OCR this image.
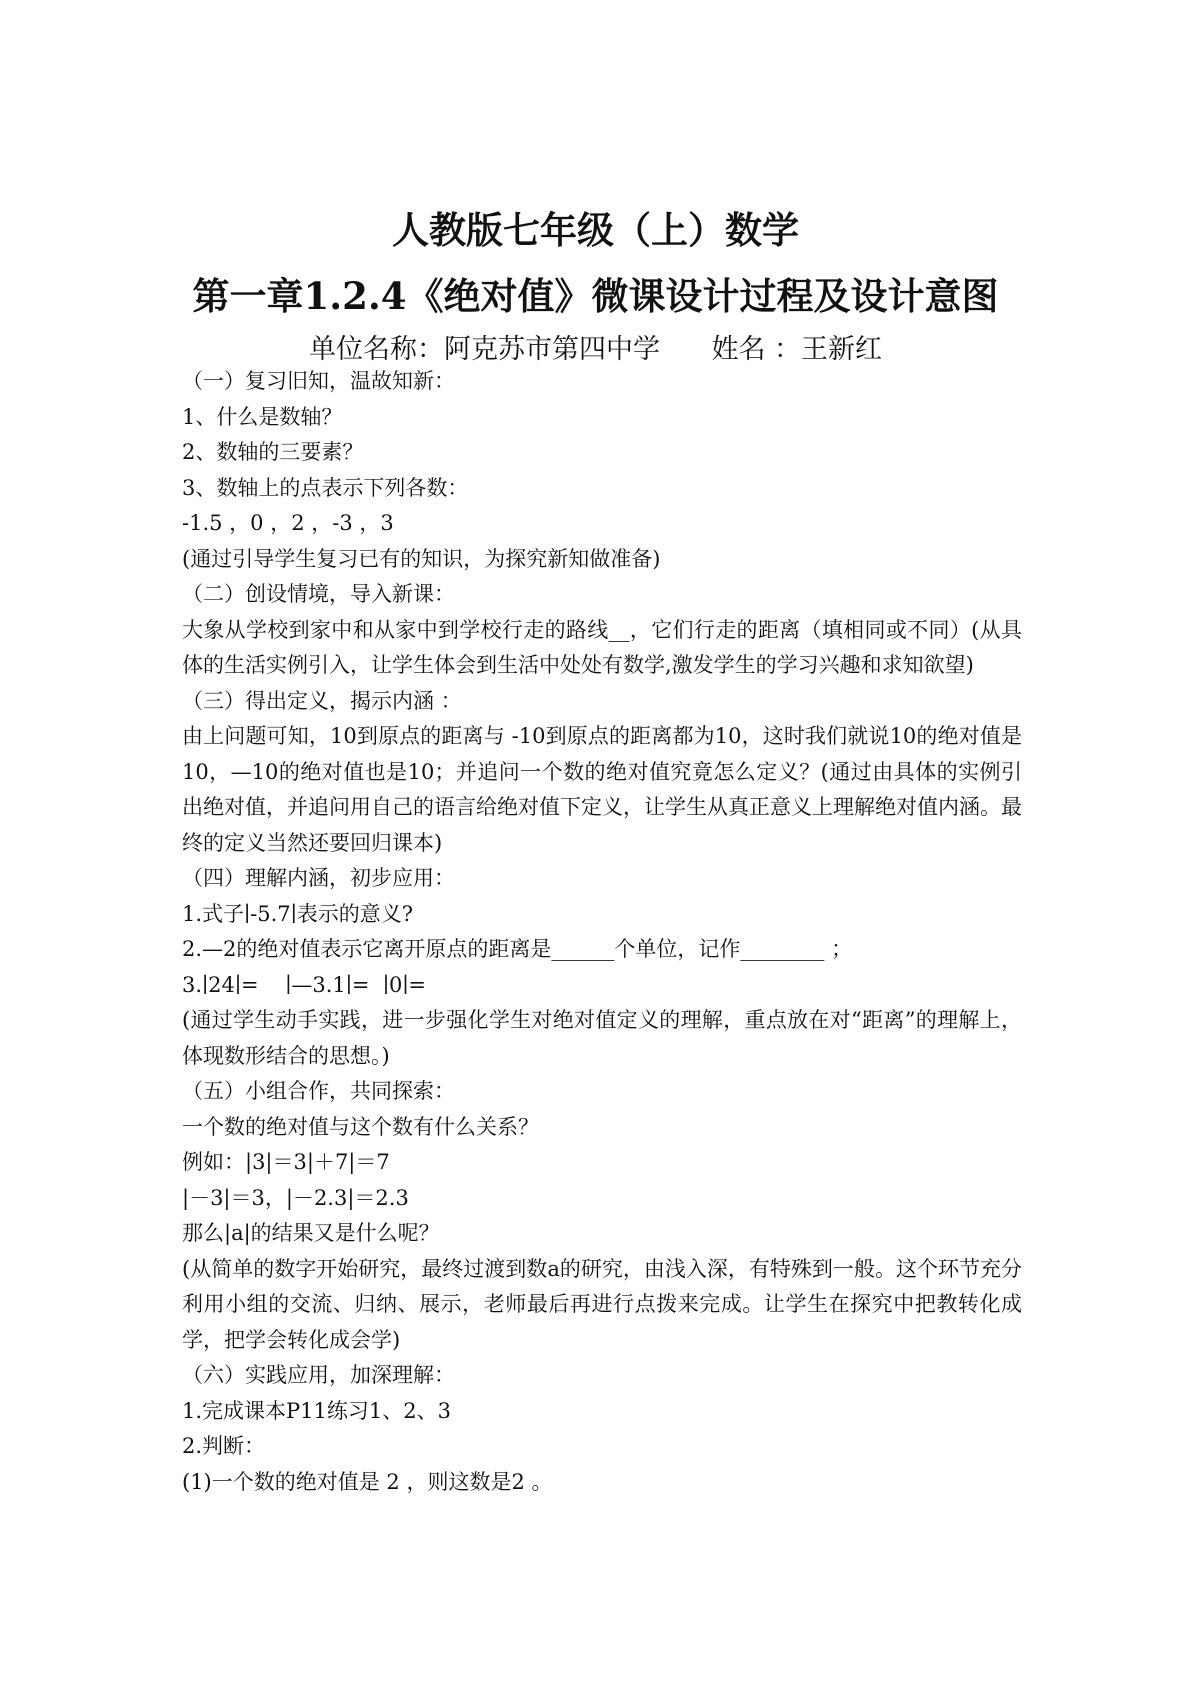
人教版七年级（上）数学
第一章1.2.4《绝对值》微课设计过程及设计意图
单位名称：阿克苏市第四中学 姓名 ：王新红

（一）复习旧知，温故知新：

1、什么是数轴？

2、数轴的三要素？

3、数轴上的点表示下列各数：

-1.5 ，0 ，2 ，-3 ，3

(通过引导学生复习已有的知识，为探究新知做准备)

（二）创设情境，导入新课：

大象从学校到家中和从家中到学校行走的路线__，它们行走的距离（填相同或不同）(从具体的生活实例引入，让学生体会到生活中处处有数学,激发学生的学习兴趣和求知欲望)

（三）得出定义，揭示内涵 ：

由上问题可知，10到原点的距离与 -10到原点的距离都为10，这时我们就说10的绝对值是10，—10的绝对值也是10；并追问一个数的绝对值究竟怎么定义？(通过由具体的实例引出绝对值，并追问用自己的语言给绝对值下定义，让学生从真正意义上理解绝对值内涵。最终的定义当然还要回归课本)

（四）理解内涵，初步应用：

1.式子∣-5.7∣表示的意义?

2.—2的绝对值表示它离开原点的距离是______个单位，记作________ ；

3.∣24∣=    ∣—3.1∣=  ∣0∣=

(通过学生动手实践，进一步强化学生对绝对值定义的理解，重点放在对“距离”的理解上，体现数形结合的思想。)

（五）小组合作，共同探索：

一个数的绝对值与这个数有什么关系？

例如：|3|＝3|＋7|＝7

|－3|＝3，|－2.3|＝2.3

那么|a|的结果又是什么呢？

(从简单的数字开始研究，最终过渡到数a的研究，由浅入深，有特殊到一般。这个环节充分利用小组的交流、归纳、展示，老师最后再进行点拨来完成。让学生在探究中把教转化成学，把学会转化成会学)

（六）实践应用，加深理解：

1.完成课本P11练习1、2、3

2.判断：

(1)一个数的绝对值是 2 ，则这数是2 。
